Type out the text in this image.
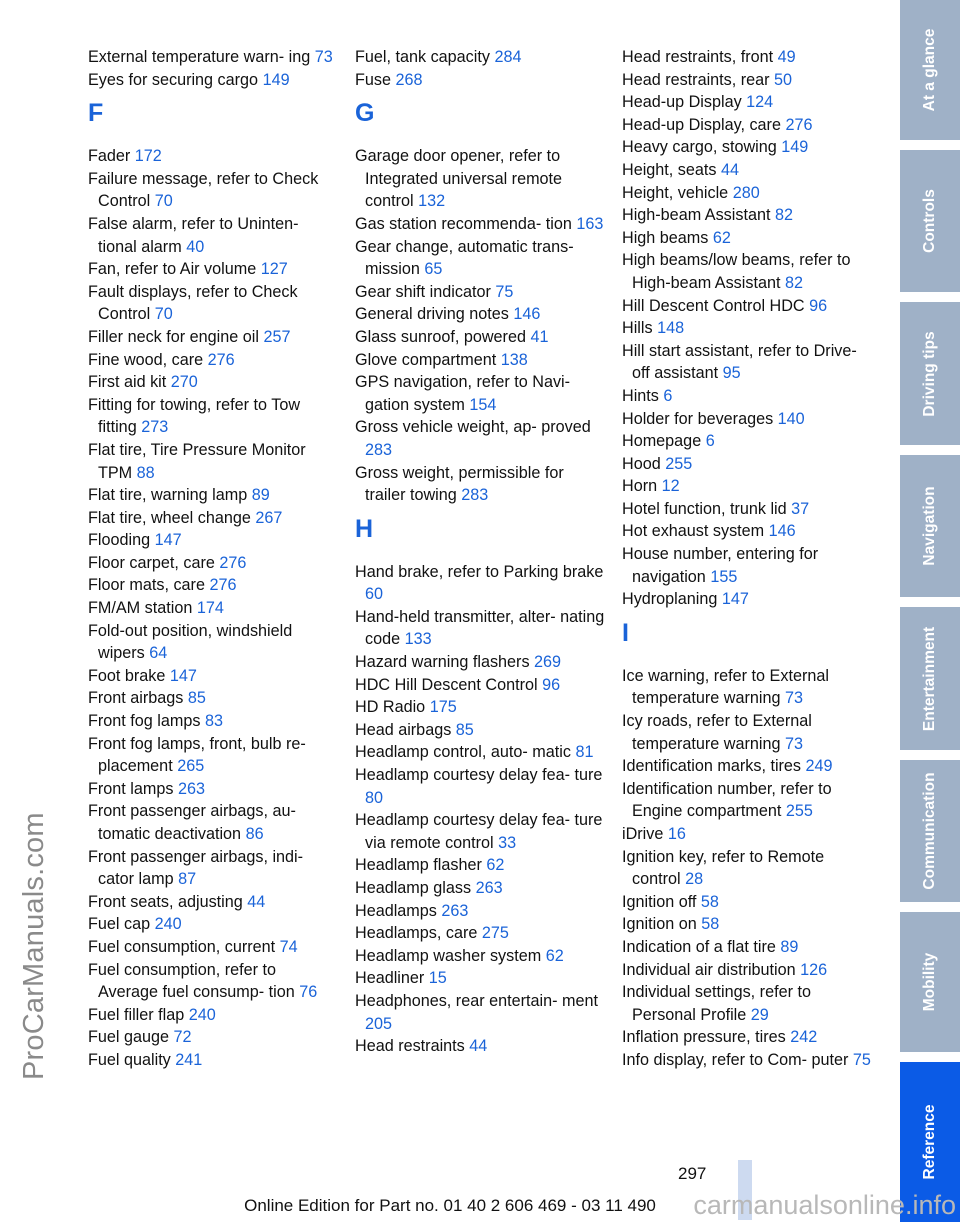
ProCarManuals.com
External temperature warn‐ ing 73
Eyes for securing cargo 149
F
Fader 172
Failure message, refer to Check Control 70
False alarm, refer to Uninten‐ tional alarm 40
Fan, refer to Air volume 127
Fault displays, refer to Check Control 70
Filler neck for engine oil 257
Fine wood, care 276
First aid kit 270
Fitting for towing, refer to Tow fitting 273
Flat tire, Tire Pressure Monitor TPM 88
Flat tire, warning lamp 89
Flat tire, wheel change 267
Flooding 147
Floor carpet, care 276
Floor mats, care 276
FM/AM station 174
Fold-out position, windshield wipers 64
Foot brake 147
Front airbags 85
Front fog lamps 83
Front fog lamps, front, bulb re‐ placement 265
Front lamps 263
Front passenger airbags, au‐ tomatic deactivation 86
Front passenger airbags, indi‐ cator lamp 87
Front seats, adjusting 44
Fuel cap 240
Fuel consumption, current 74
Fuel consumption, refer to Average fuel consump‐ tion 76
Fuel filler flap 240
Fuel gauge 72
Fuel quality 241
Fuel, tank capacity 284
Fuse 268
G
Garage door opener, refer to Integrated universal remote control 132
Gas station recommenda‐ tion 163
Gear change, automatic trans‐ mission 65
Gear shift indicator 75
General driving notes 146
Glass sunroof, powered 41
Glove compartment 138
GPS navigation, refer to Navi‐ gation system 154
Gross vehicle weight, ap‐ proved 283
Gross weight, permissible for trailer towing 283
H
Hand brake, refer to Parking brake 60
Hand-held transmitter, alter‐ nating code 133
Hazard warning flashers 269
HDC Hill Descent Control 96
HD Radio 175
Head airbags 85
Headlamp control, auto‐ matic 81
Headlamp courtesy delay fea‐ ture 80
Headlamp courtesy delay fea‐ ture via remote control 33
Headlamp flasher 62
Headlamp glass 263
Headlamps 263
Headlamps, care 275
Headlamp washer system 62
Headliner 15
Headphones, rear entertain‐ ment 205
Head restraints 44
Head restraints, front 49
Head restraints, rear 50
Head-up Display 124
Head-up Display, care 276
Heavy cargo, stowing 149
Height, seats 44
Height, vehicle 280
High-beam Assistant 82
High beams 62
High beams/low beams, refer to High-beam Assistant 82
Hill Descent Control HDC 96
Hills 148
Hill start assistant, refer to Drive-off assistant 95
Hints 6
Holder for beverages 140
Homepage 6
Hood 255
Horn 12
Hotel function, trunk lid 37
Hot exhaust system 146
House number, entering for navigation 155
Hydroplaning 147
I
Ice warning, refer to External temperature warning 73
Icy roads, refer to External temperature warning 73
Identification marks, tires 249
Identification number, refer to Engine compartment 255
iDrive 16
Ignition key, refer to Remote control 28
Ignition off 58
Ignition on 58
Indication of a flat tire 89
Individual air distribution 126
Individual settings, refer to Personal Profile 29
Inflation pressure, tires 242
Info display, refer to Com‐ puter 75
At a glance
Controls
Driving tips
Navigation
Entertainment
Communication
Mobility
Reference
297
Online Edition for Part no. 01 40 2 606 469 - 03 11 490	carmanualsonline.info
